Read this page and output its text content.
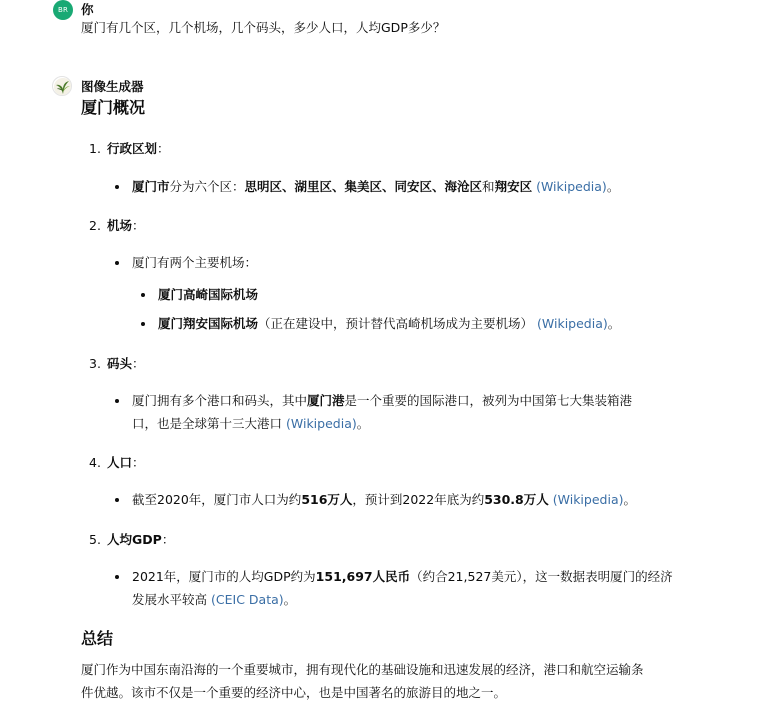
BR 你
厦门有几个区，几个机场，几个码头，多少人口，人均GDP多少？
图像生成器
厦门概况
1. 行政区划：
厦门市分为六个区：思明区、湖里区、集美区、同安区、海沧区和翔安区 (Wikipedia)。
2. 机场：
厦门有两个主要机场：
厦门高崎国际机场
厦门翔安国际机场（正在建设中，预计替代高崎机场成为主要机场） (Wikipedia)。
3. 码头：
厦门拥有多个港口和码头，其中厦门港是一个重要的国际港口，被列为中国第七大集装箱港
口，也是全球第十三大港口 (Wikipedia)。
4. 人口：
截至2020年，厦门市人口为约516万人，预计到2022年底为约530.8万人 (Wikipedia)。
5. 人均GDP：
2021年，厦门市的人均GDP约为151,697人民币（约合21,527美元），这一数据表明厦门的经济
发展水平较高 (CEIC Data)。
总结
厦门作为中国东南沿海的一个重要城市，拥有现代化的基础设施和迅速发展的经济，港口和航空运输条
件优越。该市不仅是一个重要的经济中心，也是中国著名的旅游目的地之一。
